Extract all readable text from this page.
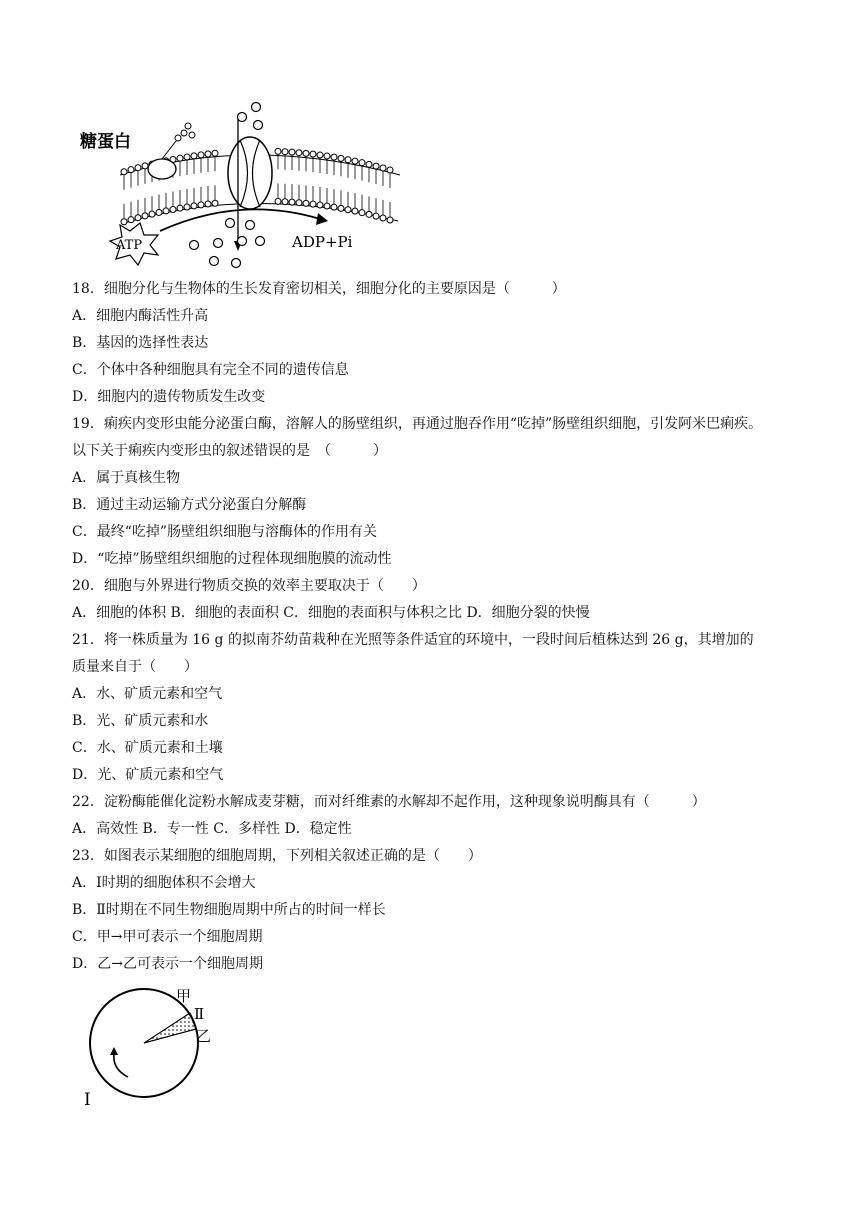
糖蛋白
ATP	ADP+Pi
18．细胞分化与生物体的生长发育密切相关，细胞分化的主要原因是（　　　）
A．细胞内酶活性升高
B．基因的选择性表达
C．个体中各种细胞具有完全不同的遗传信息
D．细胞内的遗传物质发生改变
19．痢疾内变形虫能分泌蛋白酶，溶解人的肠壁组织，再通过胞吞作用“吃掉”肠壁组织细胞，引发阿米巴痢疾。
以下关于痢疾内变形虫的叙述错误的是　（　　　）
A．属于真核生物
B．通过主动运输方式分泌蛋白分解酶
C．最终“吃掉”肠壁组织细胞与溶酶体的作用有关
D．“吃掉”肠壁组织细胞的过程体现细胞膜的流动性
20．细胞与外界进行物质交换的效率主要取决于（　　）
A．细胞的体积 B．细胞的表面积 C．细胞的表面积与体积之比 D．细胞分裂的快慢
21．将一株质量为 16 g 的拟南芥幼苗栽种在光照等条件适宜的环境中，一段时间后植株达到 26 g，其增加的
质量来自于（　　）
A．水、矿质元素和空气
B．光、矿质元素和水
C．水、矿质元素和土壤
D．光、矿质元素和空气
22．淀粉酶能催化淀粉水解成麦芽糖，而对纤维素的水解却不起作用，这种现象说明酶具有（　　　）
A．高效性 B．专一性 C．多样性 D．稳定性
23．如图表示某细胞的细胞周期，下列相关叙述正确的是（　　）
A．Ⅰ时期的细胞体积不会增大
B．Ⅱ时期在不同生物细胞周期中所占的时间一样长
C．甲→甲可表示一个细胞周期
D．乙→乙可表示一个细胞周期
甲
Ⅱ
乙
Ⅰ
